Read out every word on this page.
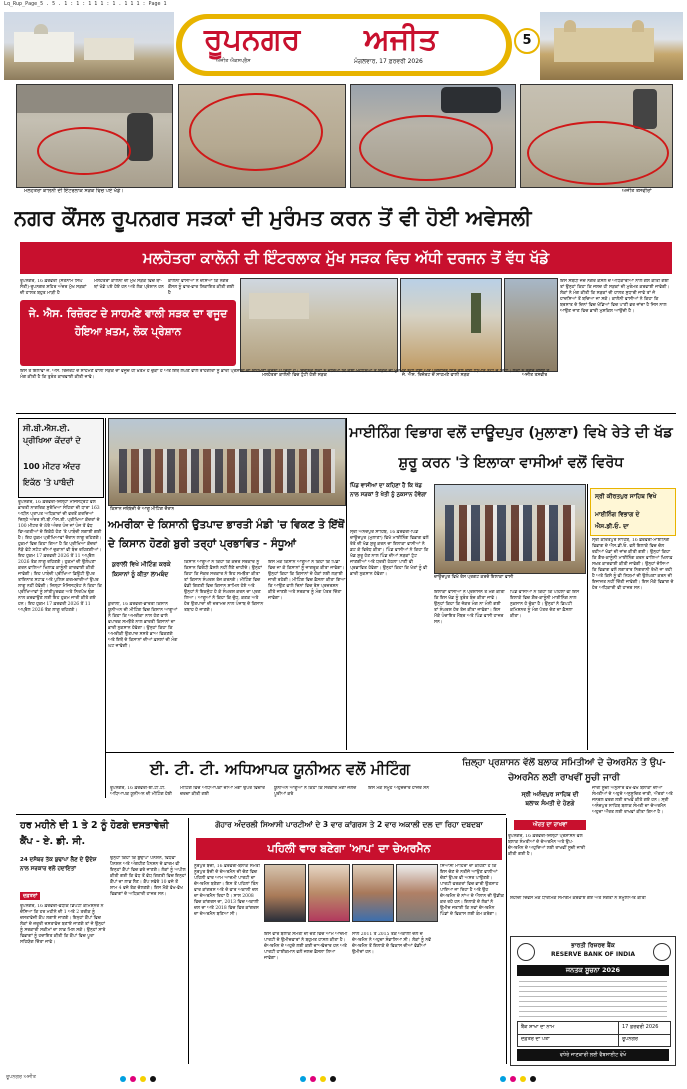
Lq_Rup_Page_5 . 5 . 1 : 1 : 1 1 1 : 1 . 1 1 1 : Page 1
ਰੂਪਨਗਰ ਅਜੀਤ
ਅਜੀਤ ਐਕਸਪ੍ਰੈਸ	ਮੰਗਲਵਾਰ, 17 ਫ਼ਰਵਰੀ 2026
5
ਮਲਹੋਤਰਾ ਕਾਲੋਨੀ ਦੀ ਇੰਟਰਲਾਕ ਸੜਕ ਵਿਚ ਪਏ ਖੱਡੇ।	ਅਜੀਤ ਤਸਵੀਰਾਂ
ਨਗਰ ਕੌਂਸਲ ਰੂਪਨਗਰ ਸੜਕਾਂ ਦੀ ਮੁਰੰਮਤ ਕਰਨ ਤੋਂ ਵੀ ਹੋਈ ਅਵੇਸਲੀ
ਮਲਹੋਤਰਾ ਕਾਲੋਨੀ ਦੀ ਇੰਟਰਲਾਕ ਮੁੱਖ ਸੜਕ ਵਿਚ ਅੱਧੀ ਦਰਜਨ ਤੋਂ ਵੱਧ ਖੱਡੇ

ਰੂਪਨਗਰ, 16 ਫ਼ਰਵਰੀ (ਸਤਨਾਮ ਸਿੰਘ ਸੱਤੀ)-ਰੂਪਨਗਰ ਸ਼ਹਿਰ ਅੰਦਰ ਮੁੱਖ ਸੜਕਾਂ ਦੀ ਹਾਲਤ ਬਹੁਤ ਮਾੜੀ ਹੈ

ਮਲਹੋਤਰਾ ਕਾਲੋਨੀ ਦੀ ਮੁੱਖ ਸੜਕ ਵਿਚ ਥਾਂ-ਥਾਂ ਖੱਡੇ ਪਏ ਹੋਏ ਹਨ ਅਤੇ ਲੋਕ ਪ੍ਰੇਸ਼ਾਨ ਹਨ

ਕਾਲੋਨੀ ਵਾਸੀਆਂ ਨੇ ਦੱਸਿਆ ਕਿ ਨਗਰ ਕੌਂਸਲ ਨੂੰ ਵਾਰ-ਵਾਰ ਸ਼ਿਕਾਇਤ ਕੀਤੀ ਗਈ ਹੈ

ਇਸ ਸਬੰਧੀ ਜਦੋਂ ਨਗਰ ਕੌਂਸਲ ਦੇ ਅਧਿਕਾਰੀਆਂ ਨਾਲ ਗੱਲ ਕੀਤੀ ਗਈ ਤਾਂ ਉਨ੍ਹਾਂ ਕਿਹਾ ਕਿ ਜਲਦ ਹੀ ਸੜਕਾਂ ਦੀ ਮੁਰੰਮਤ ਕਰਵਾਈ ਜਾਵੇਗੀ। ਲੋਕਾਂ ਨੇ ਮੰਗ ਕੀਤੀ ਕਿ ਸੜਕਾਂ ਦੀ ਹਾਲਤ ਸੁਧਾਰੀ ਜਾਵੇ ਤਾਂ ਜੋ ਹਾਦਸਿਆਂ ਤੋਂ ਬਚਿਆ ਜਾ ਸਕੇ। ਕਾਲੋਨੀ ਵਾਸੀਆਂ ਨੇ ਕਿਹਾ ਕਿ ਬਰਸਾਤ ਦੇ ਦਿਨਾਂ ਵਿਚ ਖੱਡਿਆਂ ਵਿਚ ਪਾਣੀ ਭਰ ਜਾਂਦਾ ਹੈ ਜਿਸ ਨਾਲ ਆਉਣ ਜਾਣ ਵਿਚ ਭਾਰੀ ਮੁਸ਼ਕਿਲ ਆਉਂਦੀ ਹੈ।

ਜੇ. ਐਸ. ਰਿਜ਼ੋਰਟ ਦੇ ਸਾਹਮਣੇ ਵਾਲੀ ਸੜਕ ਦਾ ਵਜੂਦ ਹੋਇਆ ਖ਼ਤਮ, ਲੋਕ ਪ੍ਰੇਸ਼ਾਨ
ਮਲਹੋਤਰਾ ਕਾਲੋਨੀ ਵਿਚ ਟੁੱਟੀ ਹੋਈ ਸੜਕ	ਜੇ. ਐਸ. ਰਿਜ਼ੋਰਟ ਦੇ ਸਾਹਮਣੇ ਵਾਲੀ ਸੜਕ	ਅਜੀਤ ਤਸਵੀਰ

ਇਸ ਤੋਂ ਇਲਾਵਾ ਜੇ. ਐਸ. ਰਿਜ਼ੋਰਟ ਦੇ ਸਾਹਮਣੇ ਵਾਲੀ ਸੜਕ ਦਾ ਵਜੂਦ ਹੀ ਖ਼ਤਮ ਹੋ ਚੁੱਕਾ ਹੈ ਅਤੇ ਇਥੋਂ ਲੰਘਣ ਵਾਲੇ ਰਾਹਗੀਰਾਂ ਨੂੰ ਭਾਰੀ ਪ੍ਰੇਸ਼ਾਨੀ ਦਾ ਸਾਹਮਣਾ ਕਰਨਾ ਪੈ ਰਿਹਾ ਹੈ। ਸਥਾਨਕ ਲੋਕਾਂ ਨੇ ਦੱਸਿਆ ਕਿ ਕਈ ਮਹੀਨਿਆਂ ਤੋਂ ਸੜਕ ਦੀ ਮੁਰੰਮਤ ਨਹੀਂ ਹੋਈ ਅਤੇ ਪ੍ਰਸ਼ਾਸਨ ਇਸ ਵੱਲ ਕੋਈ ਧਿਆਨ ਨਹੀਂ ਦੇ ਰਿਹਾ। ਲੋਕਾਂ ਨੇ ਨਗਰ ਕੌਂਸਲ ਤੋਂ ਮੰਗ ਕੀਤੀ ਹੈ ਕਿ ਤੁਰੰਤ ਕਾਰਵਾਈ ਕੀਤੀ ਜਾਵੇ।

ਸੀ.ਬੀ.ਐਸ.ਈ. ਪ੍ਰੀਖਿਆ ਕੇਂਦਰਾਂ ਦੇ
100 ਮੀਟਰ ਅੰਦਰ
ਇਕੱਠ 'ਤੇ ਪਾਬੰਦੀ

ਰੂਪਨਗਰ, 16 ਫ਼ਰਵਰੀ-ਜ਼ਿਲ੍ਹਾ ਮੈਜਿਸਟ੍ਰੇਟ ਵਲੋਂ ਭਾਰਤੀ ਨਾਗਰਿਕ ਸੁਰੱਖਿਆ ਸੰਹਿਤਾ ਦੀ ਧਾਰਾ 163 ਅਧੀਨ ਪ੍ਰਾਪਤ ਅਧਿਕਾਰਾਂ ਦੀ ਵਰਤੋਂ ਕਰਦਿਆਂ ਜ਼ਿਲ੍ਹੇ ਅੰਦਰ ਸੀ.ਬੀ.ਐਸ.ਈ. ਪ੍ਰੀਖਿਆ ਕੇਂਦਰਾਂ ਦੇ 100 ਮੀਟਰ ਦੇ ਘੇਰੇ ਅੰਦਰ ਪੰਜ ਜਾਂ ਪੰਜ ਤੋਂ ਵੱਧ ਵਿਅਕਤੀਆਂ ਦੇ ਇਕੱਠੇ ਹੋਣ 'ਤੇ ਪਾਬੰਦੀ ਲਗਾਈ ਗਈ ਹੈ। ਇਹ ਹੁਕਮ ਪ੍ਰੀਖਿਆਵਾਂ ਦੌਰਾਨ ਲਾਗੂ ਰਹਿਣਗੇ। ਹੁਕਮਾਂ ਵਿਚ ਕਿਹਾ ਗਿਆ ਹੈ ਕਿ ਪ੍ਰੀਖਿਆ ਕੇਂਦਰਾਂ ਨੇੜੇ ਫੋਟੋ ਸਟੇਟ ਦੀਆਂ ਦੁਕਾਨਾਂ ਵੀ ਬੰਦ ਰਹਿਣਗੀਆਂ। ਇਹ ਹੁਕਮ 17 ਫ਼ਰਵਰੀ 2026 ਤੋਂ 11 ਅਪ੍ਰੈਲ 2026 ਤੱਕ ਲਾਗੂ ਰਹਿਣਗੇ। ਹੁਕਮਾਂ ਦੀ ਉਲੰਘਣਾ ਕਰਨ ਵਾਲਿਆਂ ਖਿਲਾਫ਼ ਕਾਨੂੰਨੀ ਕਾਰਵਾਈ ਕੀਤੀ ਜਾਵੇਗੀ। ਇਹ ਪਾਬੰਦੀ ਪ੍ਰੀਖਿਆ ਡਿਊਟੀ ਉਪਰ ਤਾਇਨਾਤ ਸਟਾਫ਼ ਅਤੇ ਪੁਲਿਸ ਕਰਮਚਾਰੀਆਂ ਉਪਰ ਲਾਗੂ ਨਹੀਂ ਹੋਵੇਗੀ। ਜ਼ਿਲ੍ਹਾ ਮੈਜਿਸਟ੍ਰੇਟ ਨੇ ਕਿਹਾ ਕਿ ਪ੍ਰੀਖਿਆਵਾਂ ਨੂੰ ਸ਼ਾਂਤੀਪੂਰਵਕ ਅਤੇ ਨਿਰਪੱਖ ਢੰਗ ਨਾਲ ਕਰਵਾਉਣ ਲਈ ਇਹ ਹੁਕਮ ਜਾਰੀ ਕੀਤੇ ਗਏ ਹਨ। ਇਹ ਹੁਕਮ 17 ਫ਼ਰਵਰੀ 2026 ਤੋਂ 11 ਅਪ੍ਰੈਲ 2026 ਤੱਕ ਲਾਗੂ ਰਹਿਣਗੇ।

ਮਾਈਨਿੰਗ ਵਿਭਾਗ ਵਲੋਂ ਦਾਊਦਪੁਰ (ਮੁਲਾਣਾ) ਵਿਖੇ ਰੇਤੇ ਦੀ ਖੱਡ ਸ਼ੁਰੂ ਕਰਨ 'ਤੇ ਇਲਾਕਾ ਵਾਸੀਆਂ ਵਲੋਂ ਵਿਰੋਧ
ਕਿਸਾਨ ਜਥੇਬੰਦੀ ਦੇ ਆਗੂ ਮੀਟਿੰਗ ਦੌਰਾਨ
ਅਮਰੀਕਾ ਦੇ ਕਿਸਾਨੀ ਉਤਪਾਦ ਭਾਰਤੀ ਮੰਡੀ 'ਚ ਵਿਕਣ ਤੇ ਇੱਥੋਂ ਦੇ ਕਿਸਾਨ ਹੋਣਗੇ ਬੁਰੀ ਤਰ੍ਹਾਂ ਪ੍ਰਭਾਵਿਤ - ਸੰਧੂਆਂ
ਕੁਰਾਲੀ ਵਿਖੇ ਮੀਟਿੰਗ ਕਰਕੇ ਕਿਸਾਨਾਂ ਨੂੰ ਕੀਤਾ ਲਾਮਬੰਦ

ਕੁਰਾਲੀ, 16 ਫ਼ਰਵਰੀ-ਭਾਰਤੀ ਕਿਸਾਨ ਯੂਨੀਅਨ ਦੀ ਮੀਟਿੰਗ ਵਿਚ ਕਿਸਾਨ ਆਗੂਆਂ ਨੇ ਕਿਹਾ ਕਿ ਅਮਰੀਕਾ ਨਾਲ ਹੋਣ ਵਾਲੇ ਵਪਾਰਕ ਸਮਝੌਤੇ ਨਾਲ ਭਾਰਤੀ ਕਿਸਾਨਾਂ ਦਾ ਭਾਰੀ ਨੁਕਸਾਨ ਹੋਵੇਗਾ। ਉਨ੍ਹਾਂ ਕਿਹਾ ਕਿ ਅਮਰੀਕੀ ਉਤਪਾਦ ਸਸਤੇ ਭਾਅ ਵਿਕਣਗੇ ਅਤੇ ਇਥੋਂ ਦੇ ਕਿਸਾਨਾਂ ਦੀਆਂ ਫ਼ਸਲਾਂ ਦੀ ਮੰਗ ਘਟ ਜਾਵੇਗੀ।

ਕਿਸਾਨ ਆਗੂਆਂ ਨੇ ਕਿਹਾ ਕਿ ਕੇਂਦਰ ਸਰਕਾਰ ਨੂੰ ਕਿਸਾਨ ਵਿਰੋਧੀ ਫ਼ੈਸਲੇ ਨਹੀਂ ਲੈਣੇ ਚਾਹੀਦੇ। ਉਨ੍ਹਾਂ ਕਿਹਾ ਕਿ ਜੇਕਰ ਸਰਕਾਰ ਨੇ ਇਹ ਸਮਝੌਤਾ ਕੀਤਾ ਤਾਂ ਕਿਸਾਨ ਸੰਘਰਸ਼ ਤੇਜ਼ ਕਰਨਗੇ। ਮੀਟਿੰਗ ਵਿਚ ਵੱਡੀ ਗਿਣਤੀ ਵਿਚ ਕਿਸਾਨ ਸ਼ਾਮਿਲ ਹੋਏ ਅਤੇ ਉਨ੍ਹਾਂ ਨੇ ਇਕਜੁੱਟ ਹੋ ਕੇ ਸੰਘਰਸ਼ ਕਰਨ ਦਾ ਪ੍ਰਣ ਲਿਆ। ਆਗੂਆਂ ਨੇ ਕਿਹਾ ਕਿ ਦੁੱਧ, ਕਣਕ ਅਤੇ ਹੋਰ ਉਤਪਾਦਾਂ ਦੀ ਦਰਾਮਦ ਨਾਲ ਪੰਜਾਬ ਦੇ ਕਿਸਾਨ ਤਬਾਹ ਹੋ ਜਾਣਗੇ।

ਇਸ ਮੌਕੇ ਕਿਸਾਨ ਆਗੂਆਂ ਨੇ ਕਿਹਾ ਕਿ ਪਿੰਡਾਂ ਵਿਚ ਜਾ ਕੇ ਕਿਸਾਨਾਂ ਨੂੰ ਜਾਗਰੂਕ ਕੀਤਾ ਜਾਵੇਗਾ। ਉਨ੍ਹਾਂ ਕਿਹਾ ਕਿ ਕਿਸਾਨਾਂ ਦੇ ਹੱਕਾਂ ਲਈ ਲੜਾਈ ਜਾਰੀ ਰਹੇਗੀ। ਮੀਟਿੰਗ ਵਿਚ ਫ਼ੈਸਲਾ ਕੀਤਾ ਗਿਆ ਕਿ ਆਉਣ ਵਾਲੇ ਦਿਨਾਂ ਵਿਚ ਰੋਸ ਪ੍ਰਦਰਸ਼ਨ ਕੀਤੇ ਜਾਣਗੇ ਅਤੇ ਸਰਕਾਰ ਨੂੰ ਮੰਗ ਪੱਤਰ ਦਿੱਤਾ ਜਾਵੇਗਾ।

ਪਿੰਡ ਵਾਸੀਆਂ ਦਾ ਕਹਿਣਾ ਹੈ ਕਿ ਖੱਡ ਨਾਲ ਸੜਕਾਂ ਤੇ ਖੇਤੀ ਨੂੰ ਨੁਕਸਾਨ ਹੋਵੇਗਾ
ਦਾਊਦਪੁਰ ਵਿਖੇ ਰੋਸ ਪ੍ਰਗਟ ਕਰਦੇ ਇਲਾਕਾ ਵਾਸੀ

ਸ੍ਰੀ ਅਨੰਦਪੁਰ ਸਾਹਿਬ, 16 ਫ਼ਰਵਰੀ-ਪਿੰਡ ਦਾਊਦਪੁਰ (ਮੁਲਾਣਾ) ਵਿਖੇ ਮਾਈਨਿੰਗ ਵਿਭਾਗ ਵਲੋਂ ਰੇਤੇ ਦੀ ਖੱਡ ਸ਼ੁਰੂ ਕਰਨ ਦਾ ਇਲਾਕਾ ਵਾਸੀਆਂ ਨੇ ਡਟ ਕੇ ਵਿਰੋਧ ਕੀਤਾ। ਪਿੰਡ ਵਾਸੀਆਂ ਨੇ ਕਿਹਾ ਕਿ ਖੱਡ ਸ਼ੁਰੂ ਹੋਣ ਨਾਲ ਪਿੰਡ ਦੀਆਂ ਸੜਕਾਂ ਟੁੱਟ ਜਾਣਗੀਆਂ ਅਤੇ ਧਰਤੀ ਹੇਠਲਾ ਪਾਣੀ ਵੀ ਪ੍ਰਭਾਵਿਤ ਹੋਵੇਗਾ। ਉਨ੍ਹਾਂ ਕਿਹਾ ਕਿ ਖੇਤਾਂ ਨੂੰ ਵੀ ਭਾਰੀ ਨੁਕਸਾਨ ਹੋਵੇਗਾ।

ਇਲਾਕਾ ਵਾਸੀਆਂ ਨੇ ਪ੍ਰਸ਼ਾਸਨ ਤੋਂ ਮੰਗ ਕੀਤੀ ਕਿ ਇਸ ਖੱਡ ਨੂੰ ਤੁਰੰਤ ਬੰਦ ਕੀਤਾ ਜਾਵੇ। ਉਨ੍ਹਾਂ ਕਿਹਾ ਕਿ ਜੇਕਰ ਮੰਗ ਨਾ ਮੰਨੀ ਗਈ ਤਾਂ ਸੰਘਰਸ਼ ਹੋਰ ਤੇਜ਼ ਕੀਤਾ ਜਾਵੇਗਾ। ਇਸ ਮੌਕੇ ਪੰਚਾਇਤ ਮੈਂਬਰ ਅਤੇ ਪਿੰਡ ਵਾਸੀ ਹਾਜ਼ਰ ਸਨ।

ਪਿੰਡ ਵਾਸੀਆਂ ਨੇ ਕਿਹਾ ਕਿ ਪਹਿਲਾਂ ਵੀ ਇਸ ਇਲਾਕੇ ਵਿਚ ਗ਼ੈਰ-ਕਾਨੂੰਨੀ ਮਾਈਨਿੰਗ ਨਾਲ ਨੁਕਸਾਨ ਹੋ ਚੁੱਕਾ ਹੈ। ਉਨ੍ਹਾਂ ਨੇ ਡਿਪਟੀ ਕਮਿਸ਼ਨਰ ਨੂੰ ਮੰਗ ਪੱਤਰ ਦੇਣ ਦਾ ਫ਼ੈਸਲਾ ਕੀਤਾ।

ਸ੍ਰੀ ਕੀਰਤਪੁਰ ਸਾਹਿਬ ਵਿਖੇ
ਮਾਈਨਿੰਗ ਵਿਭਾਗ ਦੇ
ਐਸ.ਡੀ.ਓ. ਦਾ

ਸ੍ਰੀ ਕੀਰਤਪੁਰ ਸਾਹਿਬ, 16 ਫ਼ਰਵਰੀ-ਮਾਈਨਿੰਗ ਵਿਭਾਗ ਦੇ ਐਸ.ਡੀ.ਓ. ਵਲੋਂ ਇਲਾਕੇ ਵਿਚ ਚੱਲ ਰਹੀਆਂ ਖੱਡਾਂ ਦੀ ਜਾਂਚ ਕੀਤੀ ਗਈ। ਉਨ੍ਹਾਂ ਕਿਹਾ ਕਿ ਗ਼ੈਰ-ਕਾਨੂੰਨੀ ਮਾਈਨਿੰਗ ਕਰਨ ਵਾਲਿਆਂ ਖਿਲਾਫ਼ ਸਖ਼ਤ ਕਾਰਵਾਈ ਕੀਤੀ ਜਾਵੇਗੀ। ਉਨ੍ਹਾਂ ਦੱਸਿਆ ਕਿ ਵਿਭਾਗ ਵਲੋਂ ਲਗਾਤਾਰ ਨਿਗਰਾਨੀ ਰੱਖੀ ਜਾ ਰਹੀ ਹੈ ਅਤੇ ਕਿਸੇ ਨੂੰ ਵੀ ਨਿਯਮਾਂ ਦੀ ਉਲੰਘਣਾ ਕਰਨ ਦੀ ਇਜਾਜ਼ਤ ਨਹੀਂ ਦਿੱਤੀ ਜਾਵੇਗੀ। ਇਸ ਮੌਕੇ ਵਿਭਾਗ ਦੇ ਹੋਰ ਅਧਿਕਾਰੀ ਵੀ ਹਾਜ਼ਰ ਸਨ।

ਈ. ਟੀ. ਟੀ. ਅਧਿਆਪਕ ਯੂਨੀਅਨ ਵਲੋਂ ਮੀਟਿੰਗ

ਰੂਪਨਗਰ, 16 ਫ਼ਰਵਰੀ-ਈ.ਟੀ.ਟੀ. ਅਧਿਆਪਕ ਯੂਨੀਅਨ ਦੀ ਮੀਟਿੰਗ ਹੋਈ

ਮੀਟਿੰਗ ਵਿਚ ਅਧਿਆਪਕਾਂ ਦੀਆਂ ਮੰਗਾਂ ਉਪਰ ਵਿਚਾਰ ਚਰਚਾ ਕੀਤੀ ਗਈ

ਯੂਨੀਅਨ ਆਗੂਆਂ ਨੇ ਕਿਹਾ ਕਿ ਸਰਕਾਰ ਮੰਗਾਂ ਜਲਦ ਪੂਰੀਆਂ ਕਰੇ

ਇਸ ਮੌਕੇ ਸਮੂਹ ਅਹੁਦੇਦਾਰ ਹਾਜ਼ਰ ਸਨ

ਜ਼ਿਲ੍ਹਾ ਪ੍ਰਸ਼ਾਸਨ ਵੱਲੋਂ ਬਲਾਕ ਸਮਿਤੀਆਂ ਦੇ ਚੇਅਰਮੈਨ ਤੇ ਉਪ-ਚੇਅਰਮੈਨ ਲਈ ਰਾਖਵੀਂ ਸੂਚੀ ਜਾਰੀ
ਸ੍ਰੀ ਅਨੰਦਪੁਰ ਸਾਹਿਬ ਦੀ ਬਲਾਕ ਸੰਮਤੀ ਦੇ ਹੋਣਗੇ
ਔਰਤ ਦਾ ਰਾਖਵਾਂ

ਰੂਪਨਗਰ, 16 ਫ਼ਰਵਰੀ-ਜ਼ਿਲ੍ਹਾ ਪ੍ਰਸ਼ਾਸਨ ਵਲੋਂ ਬਲਾਕ ਸੰਮਤੀਆਂ ਦੇ ਚੇਅਰਮੈਨ ਅਤੇ ਉਪ-ਚੇਅਰਮੈਨ ਦੇ ਅਹੁਦਿਆਂ ਲਈ ਰਾਖਵੀਂ ਸੂਚੀ ਜਾਰੀ ਕੀਤੀ ਗਈ ਹੈ।

ਜਾਰੀ ਸੂਚੀ ਅਨੁਸਾਰ ਵੱਖ-ਵੱਖ ਬਲਾਕਾਂ ਦੀਆਂ ਸੰਮਤੀਆਂ ਦੇ ਅਹੁਦੇ ਅਨੁਸੂਚਿਤ ਜਾਤੀ, ਔਰਤਾਂ ਅਤੇ ਜਨਰਲ ਵਰਗ ਲਈ ਰਾਖਵੇਂ ਕੀਤੇ ਗਏ ਹਨ। ਸ੍ਰੀ ਅਨੰਦਪੁਰ ਸਾਹਿਬ ਬਲਾਕ ਸੰਮਤੀ ਦਾ ਚੇਅਰਮੈਨ ਅਹੁਦਾ ਔਰਤ ਲਈ ਰਾਖਵਾਂ ਕੀਤਾ ਗਿਆ ਹੈ।

ਹਰ ਮਹੀਨੇ ਦੀ 1 ਤੇ 2 ਨੂੰ ਹੋਣਗੇ ਦਸਤਾਵੇਜ਼ੀ ਕੈਂਪ - ਏ. ਡੀ. ਸੀ.
24 ਦਸੰਬਰ ਤੱਕ ਬੁਢਾਪਾ ਲੈਣ ਦੇ ਉਦੇਸ਼ ਨਾਲ ਸਰਕਾਰ ਵਲੋਂ ਹਦਾਇਤਾਂ
ਦਫ਼ਤਰਾਂ

ਰੂਪਨਗਰ, 16 ਫ਼ਰਵਰੀ-ਵਧੀਕ ਡਿਪਟੀ ਕਮਿਸ਼ਨਰ ਨੇ ਦੱਸਿਆ ਕਿ ਹਰ ਮਹੀਨੇ ਦੀ 1 ਅਤੇ 2 ਤਰੀਕ ਨੂੰ ਦਸਤਾਵੇਜ਼ੀ ਕੈਂਪ ਲਗਾਏ ਜਾਣਗੇ। ਇਨ੍ਹਾਂ ਕੈਂਪਾਂ ਵਿਚ ਲੋਕਾਂ ਦੇ ਜ਼ਰੂਰੀ ਦਸਤਾਵੇਜ਼ ਬਣਾਏ ਜਾਣਗੇ ਤਾਂ ਜੋ ਉਨ੍ਹਾਂ ਨੂੰ ਸਰਕਾਰੀ ਸਕੀਮਾਂ ਦਾ ਲਾਭ ਮਿਲ ਸਕੇ। ਉਨ੍ਹਾਂ ਸਾਰੇ ਵਿਭਾਗਾਂ ਨੂੰ ਹਦਾਇਤ ਕੀਤੀ ਕਿ ਕੈਂਪਾਂ ਵਿਚ ਪੂਰਾ ਸਹਿਯੋਗ ਦਿੱਤਾ ਜਾਵੇ।

ਉਨ੍ਹਾਂ ਕਿਹਾ ਕਿ ਬੁਢਾਪਾ ਪੈਨਸ਼ਨ, ਵਿਧਵਾ ਪੈਨਸ਼ਨ ਅਤੇ ਅੰਗਹੀਣ ਪੈਨਸ਼ਨ ਦੇ ਫ਼ਾਰਮ ਵੀ ਇਨ੍ਹਾਂ ਕੈਂਪਾਂ ਵਿਚ ਭਰੇ ਜਾਣਗੇ। ਲੋਕਾਂ ਨੂੰ ਅਪੀਲ ਕੀਤੀ ਗਈ ਕਿ ਵੱਧ ਤੋਂ ਵੱਧ ਗਿਣਤੀ ਵਿਚ ਇਨ੍ਹਾਂ ਕੈਂਪਾਂ ਦਾ ਲਾਭ ਲੈਣ। ਕੈਂਪ ਸਵੇਰੇ 10 ਵਜੇ ਤੋਂ ਸ਼ਾਮ 4 ਵਜੇ ਤੱਕ ਚੱਲਣਗੇ। ਇਸ ਮੌਕੇ ਵੱਖ-ਵੱਖ ਵਿਭਾਗਾਂ ਦੇ ਅਧਿਕਾਰੀ ਹਾਜ਼ਰ ਸਨ।

ਗੋਹਾਰ ਅੰਦਰਲੀ ਸਿਆਸੀ ਪਾਰਟੀਆਂ ਦੇ 3 ਵਾਰ ਕਾਂਗਰਸ ਤੇ 2 ਵਾਰ ਅਕਾਲੀ ਦਲ ਦਾ ਰਿਹਾ ਦਬਦਬਾ
ਪਹਿਲੀ ਵਾਰ ਬਣੇਗਾ 'ਆਪ' ਦਾ ਚੇਅਰਮੈਨ

ਨੂਰਪੁਰ ਬੇਦੀ, 16 ਫ਼ਰਵਰੀ-ਬਲਾਕ ਸੰਮਤੀ ਨੂਰਪੁਰ ਬੇਦੀ ਦੇ ਚੇਅਰਮੈਨ ਦੀ ਚੋਣ ਵਿਚ ਪਹਿਲੀ ਵਾਰ ਆਮ ਆਦਮੀ ਪਾਰਟੀ ਦਾ ਚੇਅਰਮੈਨ ਬਣੇਗਾ। ਇਸ ਤੋਂ ਪਹਿਲਾਂ ਤਿੰਨ ਵਾਰ ਕਾਂਗਰਸ ਅਤੇ ਦੋ ਵਾਰ ਅਕਾਲੀ ਦਲ ਦਾ ਚੇਅਰਮੈਨ ਰਿਹਾ ਹੈ। ਸਾਲ 2008 ਵਿਚ ਕਾਂਗਰਸ ਦਾ, 2013 ਵਿਚ ਅਕਾਲੀ ਦਲ ਦਾ ਅਤੇ 2018 ਵਿਚ ਫਿਰ ਕਾਂਗਰਸ ਦਾ ਚੇਅਰਮੈਨ ਬਣਿਆ ਸੀ।

ਇਸ ਵਾਰ ਬਲਾਕ ਸੰਮਤੀ ਦੀ ਚੋਣ ਵਿਚ ਆਮ ਆਦਮੀ ਪਾਰਟੀ ਦੇ ਉਮੀਦਵਾਰਾਂ ਨੇ ਬਹੁਮਤ ਹਾਸਲ ਕੀਤਾ ਹੈ। ਚੇਅਰਮੈਨ ਦੇ ਅਹੁਦੇ ਲਈ ਕਈ ਦਾਅਵੇਦਾਰ ਹਨ ਅਤੇ ਪਾਰਟੀ ਹਾਈਕਮਾਨ ਵਲੋਂ ਜਲਦ ਫ਼ੈਸਲਾ ਲਿਆ ਜਾਵੇਗਾ।

ਸਾਲ 2011 ਤੋਂ 2015 ਤੱਕ ਅਕਾਲੀ ਦਲ ਦੇ ਚੇਅਰਮੈਨ ਨੇ ਅਹੁਦਾ ਸੰਭਾਲਿਆ ਸੀ। ਲੋਕਾਂ ਨੂੰ ਨਵੇਂ ਚੇਅਰਮੈਨ ਤੋਂ ਇਲਾਕੇ ਦੇ ਵਿਕਾਸ ਦੀਆਂ ਵੱਡੀਆਂ ਉਮੀਦਾਂ ਹਨ।

ਸਿਆਸੀ ਮਾਹਿਰਾਂ ਦਾ ਕਹਿਣਾ ਹੈ ਕਿ ਇਸ ਚੋਣ ਦੇ ਨਤੀਜੇ ਆਉਣ ਵਾਲੀਆਂ ਚੋਣਾਂ ਉਪਰ ਵੀ ਅਸਰ ਪਾਉਣਗੇ। ਪਾਰਟੀ ਵਰਕਰਾਂ ਵਿਚ ਭਾਰੀ ਉਤਸ਼ਾਹ ਪਾਇਆ ਜਾ ਰਿਹਾ ਹੈ ਅਤੇ ਉਹ ਚੇਅਰਮੈਨ ਦੇ ਨਾਂਅ ਦੇ ਐਲਾਨ ਦੀ ਉਡੀਕ ਕਰ ਰਹੇ ਹਨ। ਇਲਾਕੇ ਦੇ ਲੋਕਾਂ ਨੇ ਉਮੀਦ ਜਤਾਈ ਕਿ ਨਵਾਂ ਚੇਅਰਮੈਨ ਪਿੰਡਾਂ ਦੇ ਵਿਕਾਸ ਲਈ ਕੰਮ ਕਰੇਗਾ।

ਸ਼ਹੀਦੀ ਦਿਵਸ ਮੌਕੇ ਧਾਰਮਿਕ ਸਮਾਗਮ ਕਰਵਾਏ ਗਏ ਅਤੇ ਸੰਗਤਾਂ ਨੇ ਸ਼ਮੂਲੀਅਤ ਕੀਤੀ

ਭਾਰਤੀ ਰਿਜ਼ਰਵ ਬੈਂਕ
RESERVE BANK OF INDIA
ਜਨਤਕ ਸੂਚਨਾ 2026
ਬੈਂਕ ਸ਼ਾਖਾ ਦਾ ਨਾਮ	17 ਫ਼ਰਵਰੀ 2026
ਦਫ਼ਤਰ ਦਾ ਪਤਾ	ਰੂਪਨਗਰ
ਵਧੇਰੇ ਜਾਣਕਾਰੀ ਲਈ ਵੈਬਸਾਈਟ ਵੇਖੋ
ਰੂਪਨਗਰ ਅਜੀਤ
